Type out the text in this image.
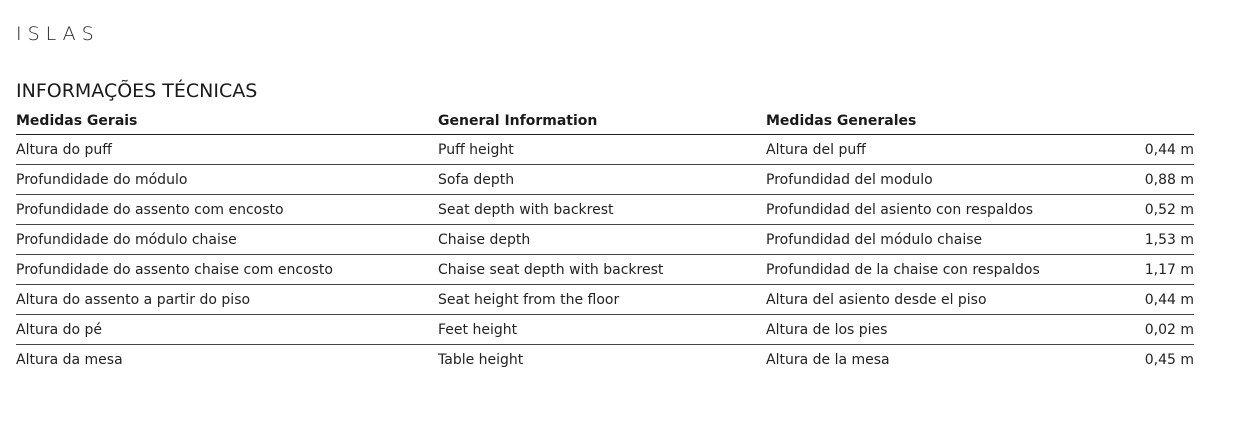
ISLAS
INFORMAÇÕES TÉCNICAS
Medidas Gerais	General Information	Medidas Generales	
Altura do puff	Puff height	Altura del puff	0,44 m
Profundidade do módulo	Sofa depth	Profundidad del modulo	0,88 m
Profundidade do assento com encosto	Seat depth with backrest	Profundidad del asiento con respaldos	0,52 m
Profundidade do módulo chaise	Chaise depth	Profundidad del módulo chaise	1,53 m
Profundidade do assento chaise com encosto	Chaise seat depth with backrest	Profundidad de la chaise con respaldos	1,17 m
Altura do assento a partir do piso	Seat height from the floor	Altura del asiento desde el piso	0,44 m
Altura do pé	Feet height	Altura de los pies	0,02 m
Altura da mesa	Table height	Altura de la mesa	0,45 m
